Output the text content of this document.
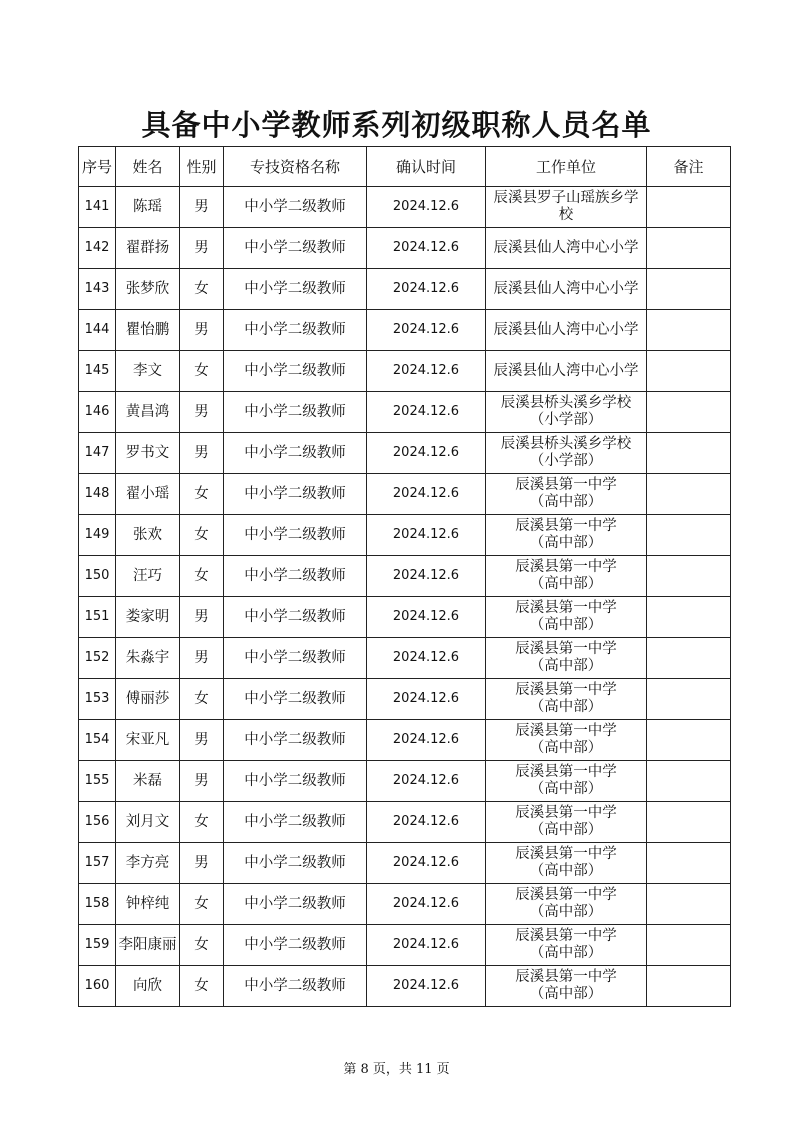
具备中小学教师系列初级职称人员名单
序号	姓名	性别	专技资格名称	确认时间	工作单位	备注
141	陈瑶	男	中小学二级教师	2024.12.6	辰溪县罗子山瑶族乡学
校	

142	翟群扬	男	中小学二级教师	2024.12.6	辰溪县仙人湾中心小学	

143	张梦欣	女	中小学二级教师	2024.12.6	辰溪县仙人湾中心小学	

144	瞿怡鹏	男	中小学二级教师	2024.12.6	辰溪县仙人湾中心小学	

145	李文	女	中小学二级教师	2024.12.6	辰溪县仙人湾中心小学	

146	黄昌鸿	男	中小学二级教师	2024.12.6	辰溪县桥头溪乡学校
（小学部）	

147	罗书文	男	中小学二级教师	2024.12.6	辰溪县桥头溪乡学校
（小学部）	

148	翟小瑶	女	中小学二级教师	2024.12.6	辰溪县第一中学
（高中部）	

149	张欢	女	中小学二级教师	2024.12.6	辰溪县第一中学
（高中部）	

150	汪巧	女	中小学二级教师	2024.12.6	辰溪县第一中学
（高中部）	

151	娄家明	男	中小学二级教师	2024.12.6	辰溪县第一中学
（高中部）	

152	朱淼宇	男	中小学二级教师	2024.12.6	辰溪县第一中学
（高中部）	

153	傅丽莎	女	中小学二级教师	2024.12.6	辰溪县第一中学
（高中部）	

154	宋亚凡	男	中小学二级教师	2024.12.6	辰溪县第一中学
（高中部）	

155	米磊	男	中小学二级教师	2024.12.6	辰溪县第一中学
（高中部）	

156	刘月文	女	中小学二级教师	2024.12.6	辰溪县第一中学
（高中部）	

157	李方亮	男	中小学二级教师	2024.12.6	辰溪县第一中学
（高中部）	

158	钟梓纯	女	中小学二级教师	2024.12.6	辰溪县第一中学
（高中部）	

159	李阳康丽	女	中小学二级教师	2024.12.6	辰溪县第一中学
（高中部）	

160	向欣	女	中小学二级教师	2024.12.6	辰溪县第一中学
（高中部）	

第 8 页，共 11 页
